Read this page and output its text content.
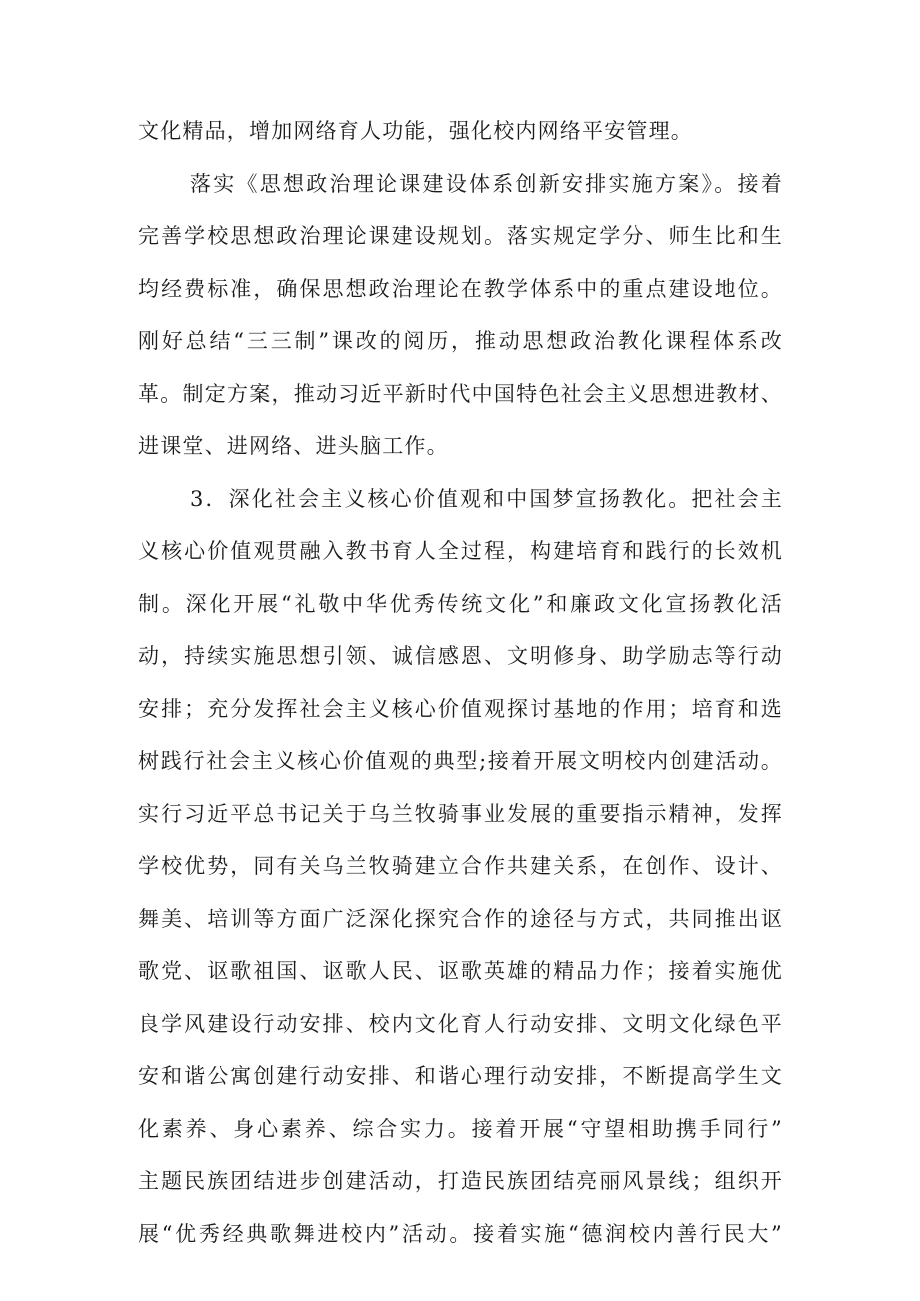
文化精品，增加网络育人功能，强化校内网络平安管理。
落实《思想政治理论课建设体系创新安排实施方案》。接着
完善学校思想政治理论课建设规划。落实规定学分、师生比和生
均经费标准，确保思想政治理论在教学体系中的重点建设地位。
刚好总结“三三制”课改的阅历，推动思想政治教化课程体系改
革。制定方案，推动习近平新时代中国特色社会主义思想进教材、
进课堂、进网络、进头脑工作。
3．深化社会主义核心价值观和中国梦宣扬教化。把社会主
义核心价值观贯融入教书育人全过程，构建培育和践行的长效机
制。深化开展“礼敬中华优秀传统文化”和廉政文化宣扬教化活
动，持续实施思想引领、诚信感恩、文明修身、助学励志等行动
安排；充分发挥社会主义核心价值观探讨基地的作用；培育和选
树践行社会主义核心价值观的典型;接着开展文明校内创建活动。
实行习近平总书记关于乌兰牧骑事业发展的重要指示精神，发挥
学校优势，同有关乌兰牧骑建立合作共建关系，在创作、设计、
舞美、培训等方面广泛深化探究合作的途径与方式，共同推出讴
歌党、讴歌祖国、讴歌人民、讴歌英雄的精品力作；接着实施优
良学风建设行动安排、校内文化育人行动安排、文明文化绿色平
安和谐公寓创建行动安排、和谐心理行动安排，不断提高学生文
化素养、身心素养、综合实力。接着开展“守望相助携手同行”
主题民族团结进步创建活动，打造民族团结亮丽风景线；组织开
展“优秀经典歌舞进校内”活动。接着实施“德润校内善行民大”
